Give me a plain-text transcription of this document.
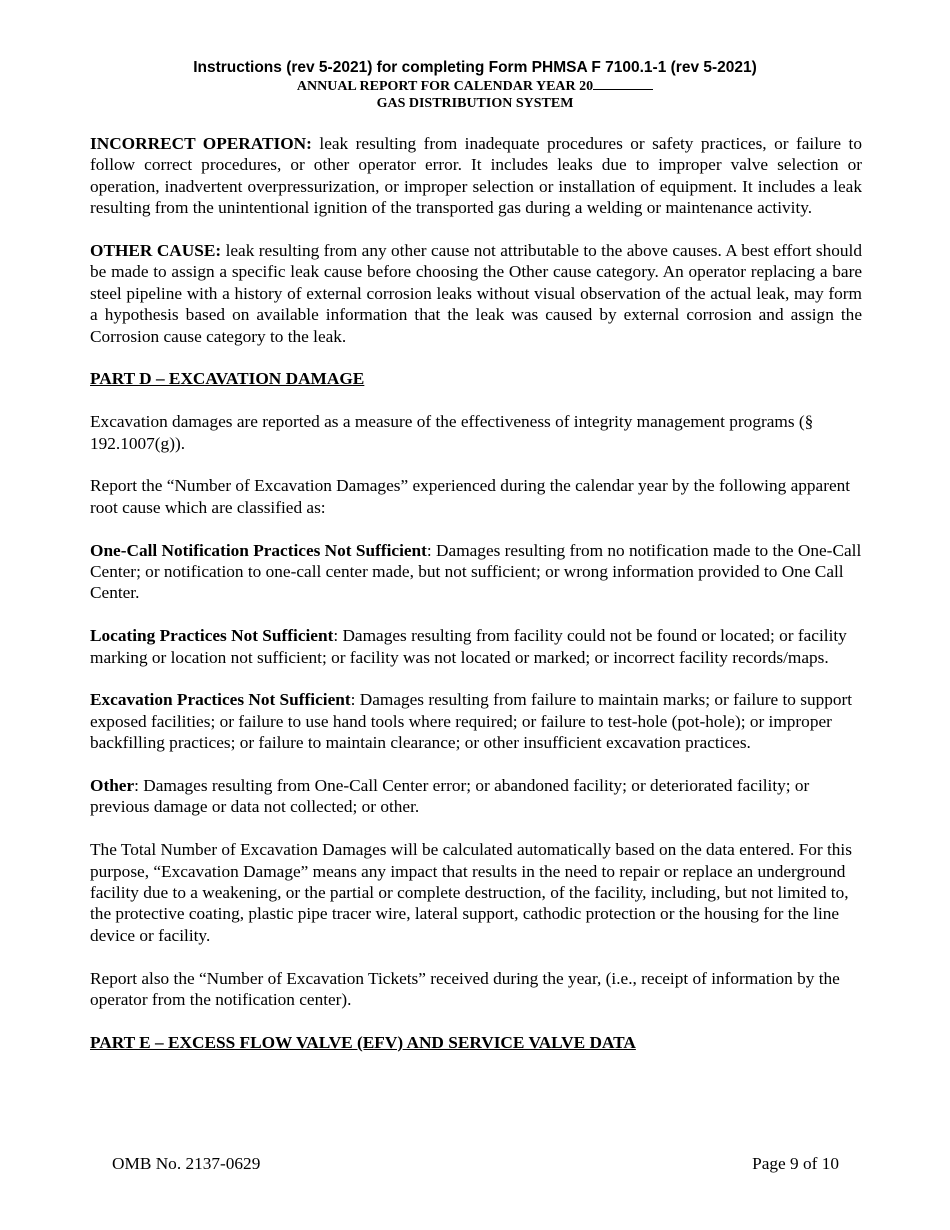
Instructions (rev 5-2021) for completing Form PHMSA F 7100.1-1 (rev 5-2021)
ANNUAL REPORT FOR CALENDAR YEAR 20
GAS DISTRIBUTION SYSTEM

INCORRECT OPERATION: leak resulting from inadequate procedures or safety practices, or failure to follow correct procedures, or other operator error. It includes leaks due to improper valve selection or operation, inadvertent overpressurization, or improper selection or installation of equipment. It includes a leak resulting from the unintentional ignition of the transported gas during a welding or maintenance activity.

OTHER CAUSE: leak resulting from any other cause not attributable to the above causes. A best effort should be made to assign a specific leak cause before choosing the Other cause category. An operator replacing a bare steel pipeline with a history of external corrosion leaks without visual observation of the actual leak, may form a hypothesis based on available information that the leak was caused by external corrosion and assign the Corrosion cause category to the leak.

PART D – EXCAVATION DAMAGE

Excavation damages are reported as a measure of the effectiveness of integrity management programs (§ 192.1007(g)).

Report the “Number of Excavation Damages” experienced during the calendar year by the following apparent root cause which are classified as:

One-Call Notification Practices Not Sufficient: Damages resulting from no notification made to the One-Call Center; or notification to one-call center made, but not sufficient; or wrong information provided to One Call Center.

Locating Practices Not Sufficient: Damages resulting from facility could not be found or located; or facility marking or location not sufficient; or facility was not located or marked; or incorrect facility records/maps.

Excavation Practices Not Sufficient: Damages resulting from failure to maintain marks; or failure to support exposed facilities; or failure to use hand tools where required; or failure to test-hole (pot-hole); or improper backfilling practices; or failure to maintain clearance; or other insufficient excavation practices.

Other: Damages resulting from One-Call Center error; or abandoned facility; or deteriorated facility; or previous damage or data not collected; or other.

The Total Number of Excavation Damages will be calculated automatically based on the data entered. For this purpose, “Excavation Damage” means any impact that results in the need to repair or replace an underground facility due to a weakening, or the partial or complete destruction, of the facility, including, but not limited to, the protective coating, plastic pipe tracer wire, lateral support, cathodic protection or the housing for the line device or facility.

Report also the “Number of Excavation Tickets” received during the year, (i.e., receipt of information by the operator from the notification center).

PART E – EXCESS FLOW VALVE (EFV) AND SERVICE VALVE DATA

OMB No. 2137-0629	Page 9 of 10
